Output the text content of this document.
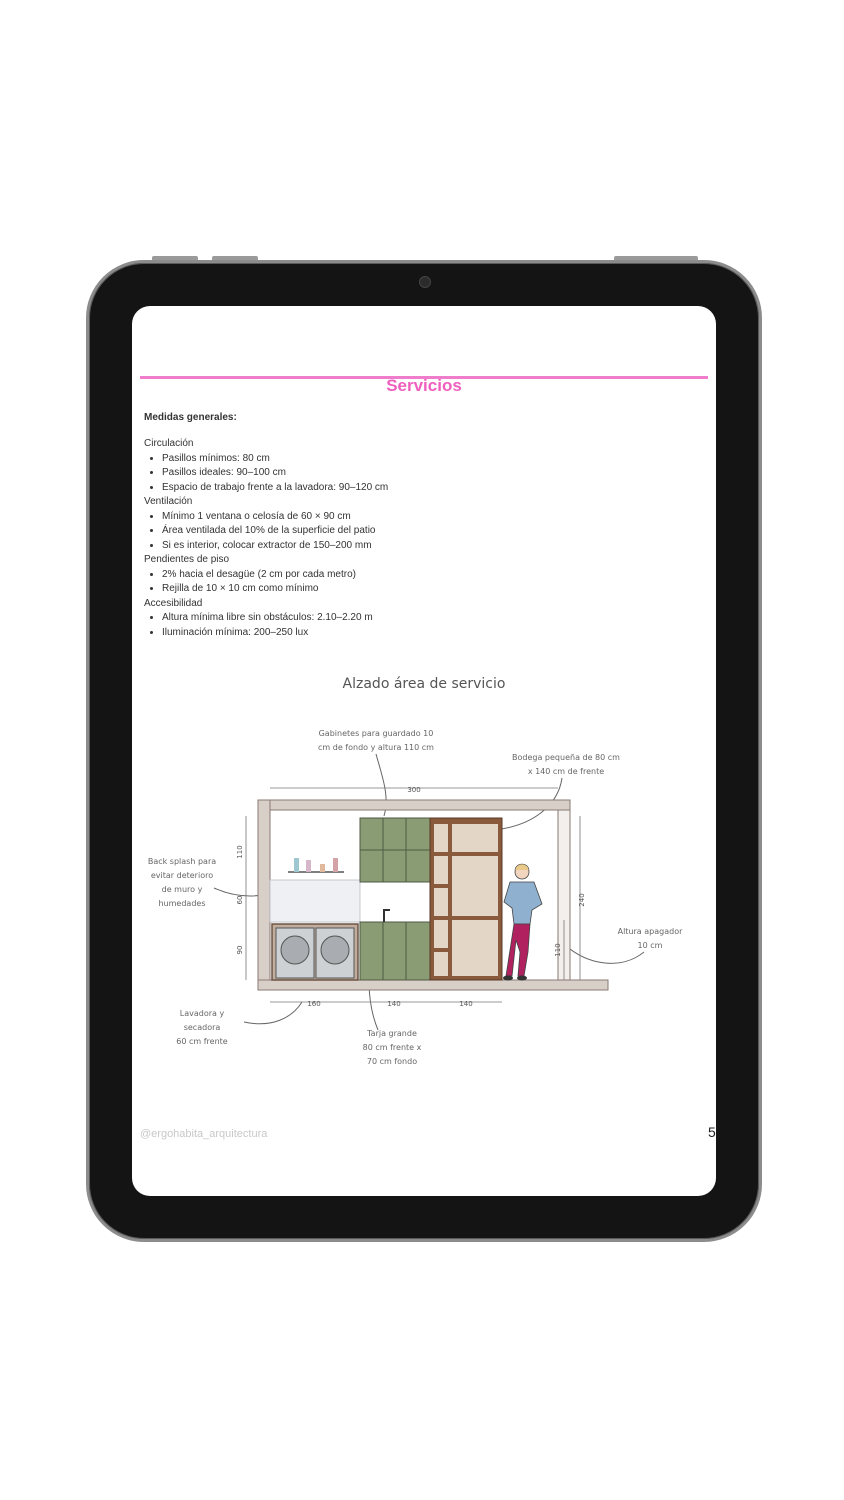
Servicios
Medidas generales:

Circulación

• Pasillos mínimos: 80 cm
• Pasillos ideales: 90–100 cm
• Espacio de trabajo frente a la lavadora: 90–120 cm

Ventilación

• Mínimo 1 ventana o celosía de 60 × 90 cm
• Área ventilada del 10% de la superficie del patio
• Si es interior, colocar extractor de 150–200 mm

Pendientes de piso

• 2% hacia el desagüe (2 cm por cada metro)
• Rejilla de 10 × 10 cm como mínimo

Accesibilidad

• Altura mínima libre sin obstáculos: 2.10–2.20 m
• Iluminación mínima: 200–250 lux
Alzado área de servicio
Gabinetes para guardado 10
cm de fondo y altura 110 cm
Bodega pequeña de 80 cm
x 140 cm de frente
Back splash para
evitar deterioro
de muro y
humedades
Altura apagador
10 cm
Lavadora y
secadora
60 cm frente
Tarja grande
80 cm frente x
70 cm fondo
300
160	140	140
110
60
90
240
110
@ergohabita_arquitectura	5
